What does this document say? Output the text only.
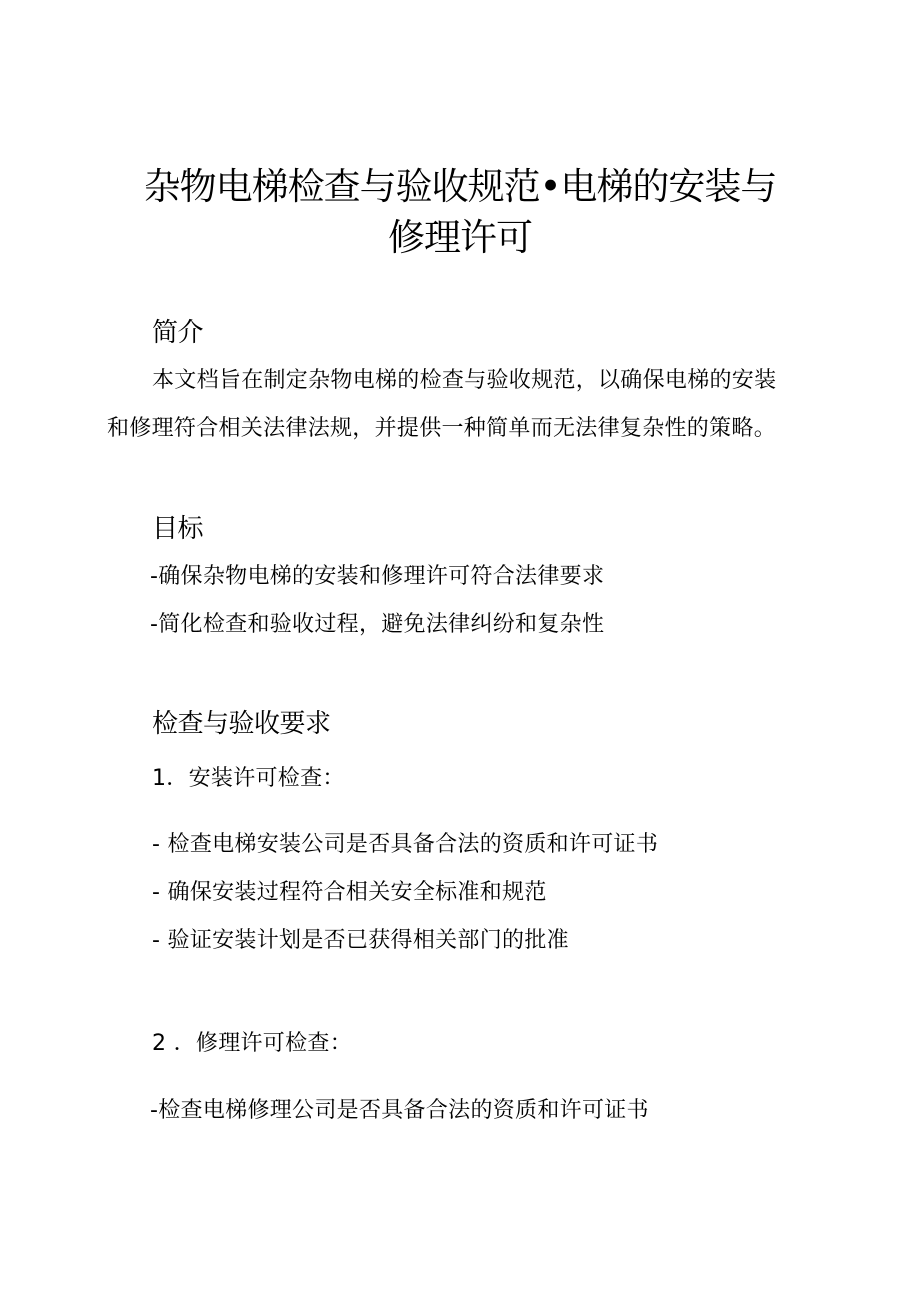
杂物电梯检查与验收规范•电梯的安装与
修理许可
简介

本文档旨在制定杂物电梯的检查与验收规范，以确保电梯的安装

和修理符合相关法律法规，并提供一种简单而无法律复杂性的策略。

目标

-确保杂物电梯的安装和修理许可符合法律要求

-简化检查和验收过程，避免法律纠纷和复杂性

检查与验收要求

1．安装许可检查：

- 检查电梯安装公司是否具备合法的资质和许可证书

- 确保安装过程符合相关安全标准和规范

- 验证安装计划是否已获得相关部门的批准

2 ．修理许可检查：

-检查电梯修理公司是否具备合法的资质和许可证书
